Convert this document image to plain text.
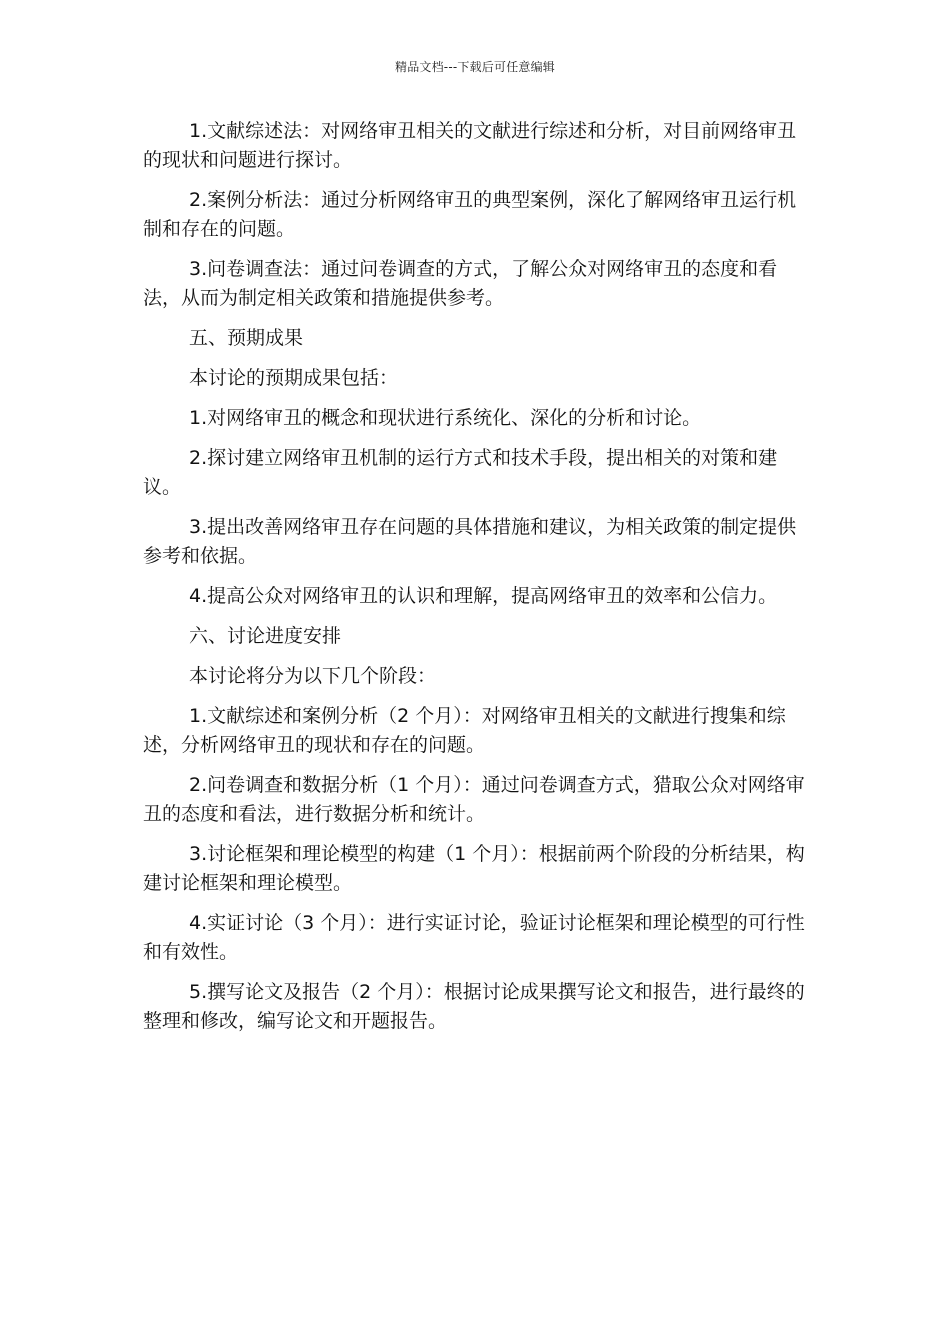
精品文档---下载后可任意编辑

1.文献综述法：对网络审丑相关的文献进行综述和分析，对目前网络审丑的现状和问题进行探讨。

2.案例分析法：通过分析网络审丑的典型案例，深化了解网络审丑运行机制和存在的问题。

3.问卷调查法：通过问卷调查的方式，了解公众对网络审丑的态度和看法，从而为制定相关政策和措施提供参考。

五、预期成果

本讨论的预期成果包括：

1.对网络审丑的概念和现状进行系统化、深化的分析和讨论。

2.探讨建立网络审丑机制的运行方式和技术手段，提出相关的对策和建议。

3.提出改善网络审丑存在问题的具体措施和建议，为相关政策的制定提供参考和依据。

4.提高公众对网络审丑的认识和理解，提高网络审丑的效率和公信力。

六、讨论进度安排

本讨论将分为以下几个阶段：

1.文献综述和案例分析（2 个月）：对网络审丑相关的文献进行搜集和综述，分析网络审丑的现状和存在的问题。

2.问卷调查和数据分析（1 个月）：通过问卷调查方式，猎取公众对网络审丑的态度和看法，进行数据分析和统计。

3.讨论框架和理论模型的构建（1 个月）：根据前两个阶段的分析结果，构建讨论框架和理论模型。

4.实证讨论（3 个月）：进行实证讨论，验证讨论框架和理论模型的可行性和有效性。

5.撰写论文及报告（2 个月）：根据讨论成果撰写论文和报告，进行最终的整理和修改，编写论文和开题报告。
